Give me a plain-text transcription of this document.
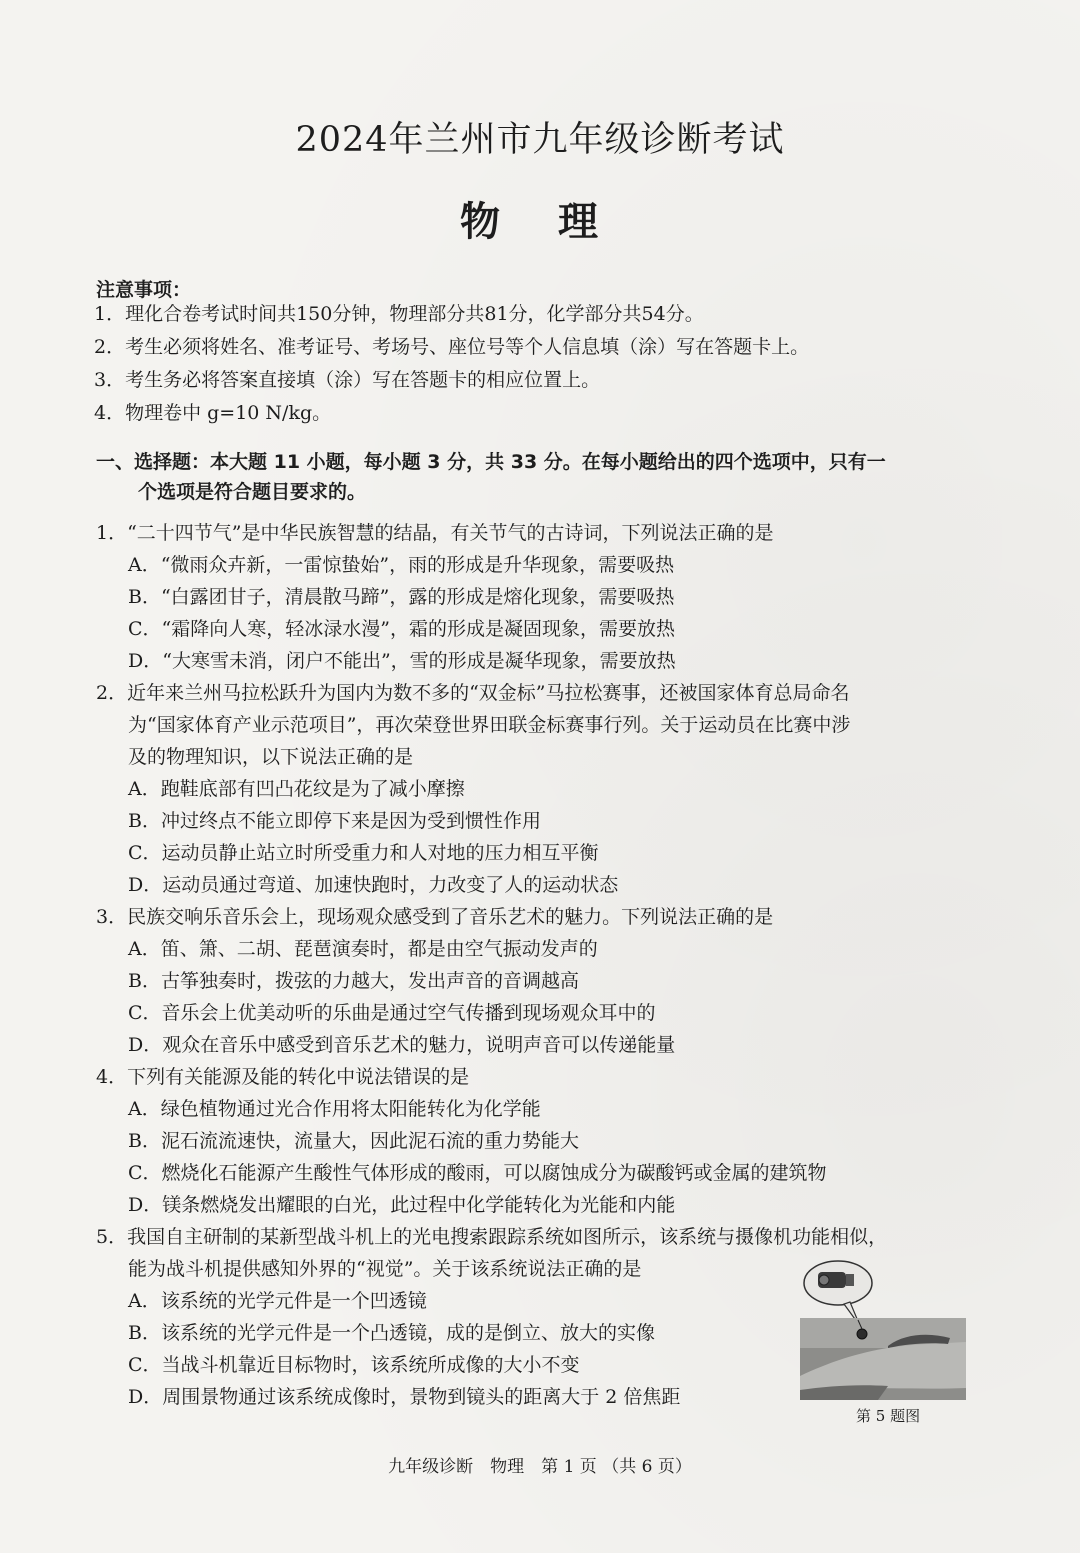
2024年兰州市九年级诊断考试
物 理
注意事项：
1．理化合卷考试时间共150分钟，物理部分共81分，化学部分共54分。
2．考生必须将姓名、准考证号、考场号、座位号等个人信息填（涂）写在答题卡上。
3．考生务必将答案直接填（涂）写在答题卡的相应位置上。
4．物理卷中 g=10 N/kg。
一、选择题：本大题 11 小题，每小题 3 分，共 33 分。在每小题给出的四个选项中，只有一
个选项是符合题目要求的。
1．“二十四节气”是中华民族智慧的结晶，有关节气的古诗词，下列说法正确的是
A．“微雨众卉新，一雷惊蛰始”，雨的形成是升华现象，需要吸热
B．“白露团甘子，清晨散马蹄”，露的形成是熔化现象，需要吸热
C．“霜降向人寒，轻冰渌水漫”，霜的形成是凝固现象，需要放热
D．“大寒雪未消，闭户不能出”，雪的形成是凝华现象，需要放热
2．近年来兰州马拉松跃升为国内为数不多的“双金标”马拉松赛事，还被国家体育总局命名
为“国家体育产业示范项目”，再次荣登世界田联金标赛事行列。关于运动员在比赛中涉
及的物理知识，以下说法正确的是
A．跑鞋底部有凹凸花纹是为了减小摩擦
B．冲过终点不能立即停下来是因为受到惯性作用
C．运动员静止站立时所受重力和人对地的压力相互平衡
D．运动员通过弯道、加速快跑时，力改变了人的运动状态
3．民族交响乐音乐会上，现场观众感受到了音乐艺术的魅力。下列说法正确的是
A．笛、箫、二胡、琵琶演奏时，都是由空气振动发声的
B．古筝独奏时，拨弦的力越大，发出声音的音调越高
C．音乐会上优美动听的乐曲是通过空气传播到现场观众耳中的
D．观众在音乐中感受到音乐艺术的魅力，说明声音可以传递能量
4．下列有关能源及能的转化中说法错误的是
A．绿色植物通过光合作用将太阳能转化为化学能
B．泥石流流速快，流量大，因此泥石流的重力势能大
C．燃烧化石能源产生酸性气体形成的酸雨，可以腐蚀成分为碳酸钙或金属的建筑物
D．镁条燃烧发出耀眼的白光，此过程中化学能转化为光能和内能
5．我国自主研制的某新型战斗机上的光电搜索跟踪系统如图所示，该系统与摄像机功能相似，
能为战斗机提供感知外界的“视觉”。关于该系统说法正确的是
A．该系统的光学元件是一个凹透镜
B．该系统的光学元件是一个凸透镜，成的是倒立、放大的实像
C．当战斗机靠近目标物时，该系统所成像的大小不变
D．周围景物通过该系统成像时，景物到镜头的距离大于 2 倍焦距
第 5 题图
九年级诊断　物理　第 1 页 （共 6 页）
